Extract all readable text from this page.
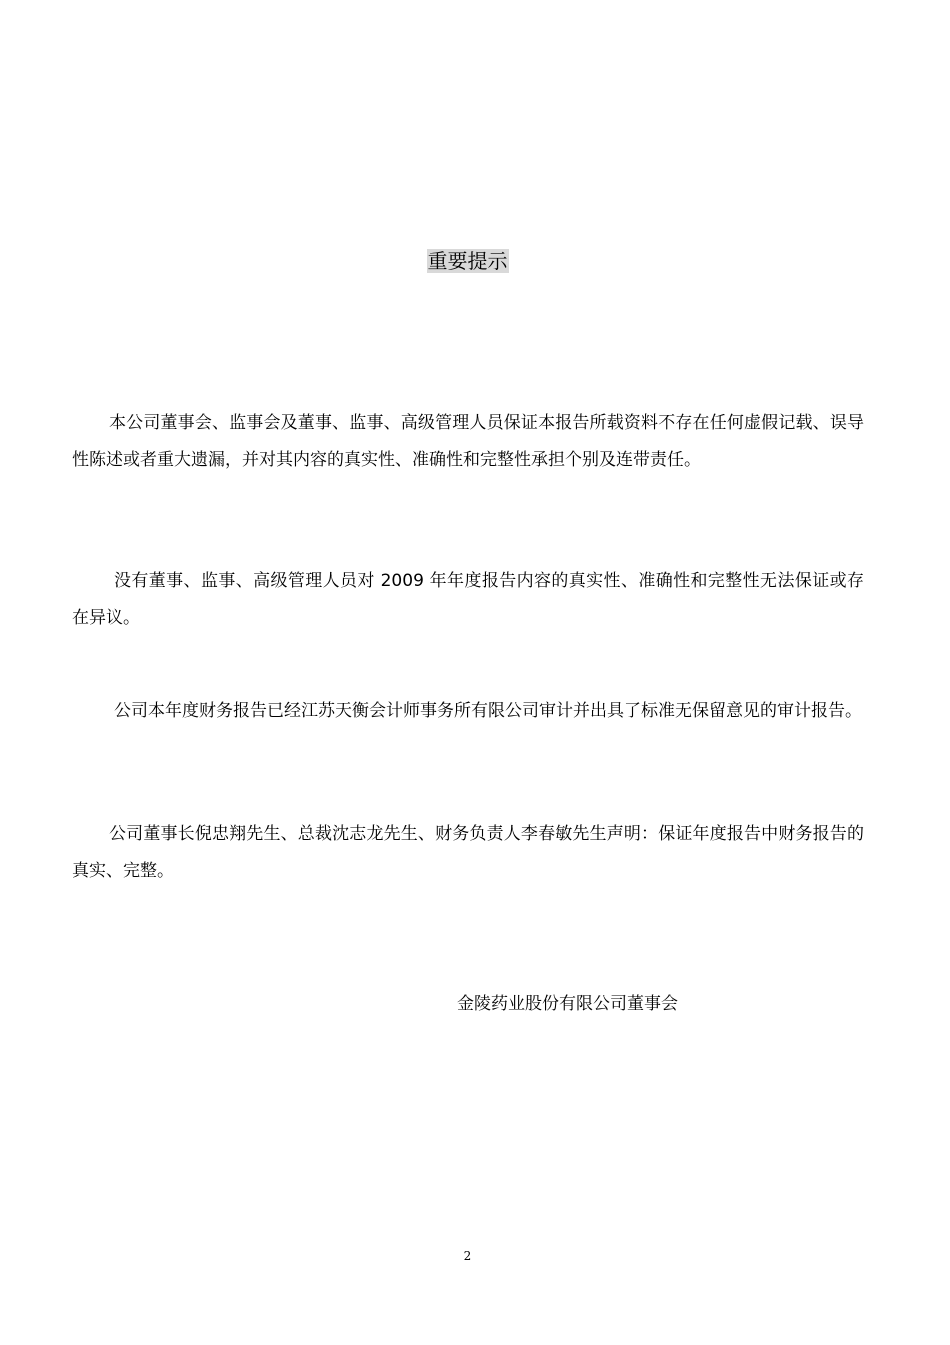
重要提示

本公司董事会、监事会及董事、监事、高级管理人员保证本报告所载资料不存在任何虚假记载、误导性陈述或者重大遗漏，并对其内容的真实性、准确性和完整性承担个别及连带责任。

没有董事、监事、高级管理人员对 2009 年年度报告内容的真实性、准确性和完整性无法保证或存在异议。

公司本年度财务报告已经江苏天衡会计师事务所有限公司审计并出具了标准无保留意见的审计报告。

公司董事长倪忠翔先生、总裁沈志龙先生、财务负责人李春敏先生声明：保证年度报告中财务报告的真实、完整。

金陵药业股份有限公司董事会
2
